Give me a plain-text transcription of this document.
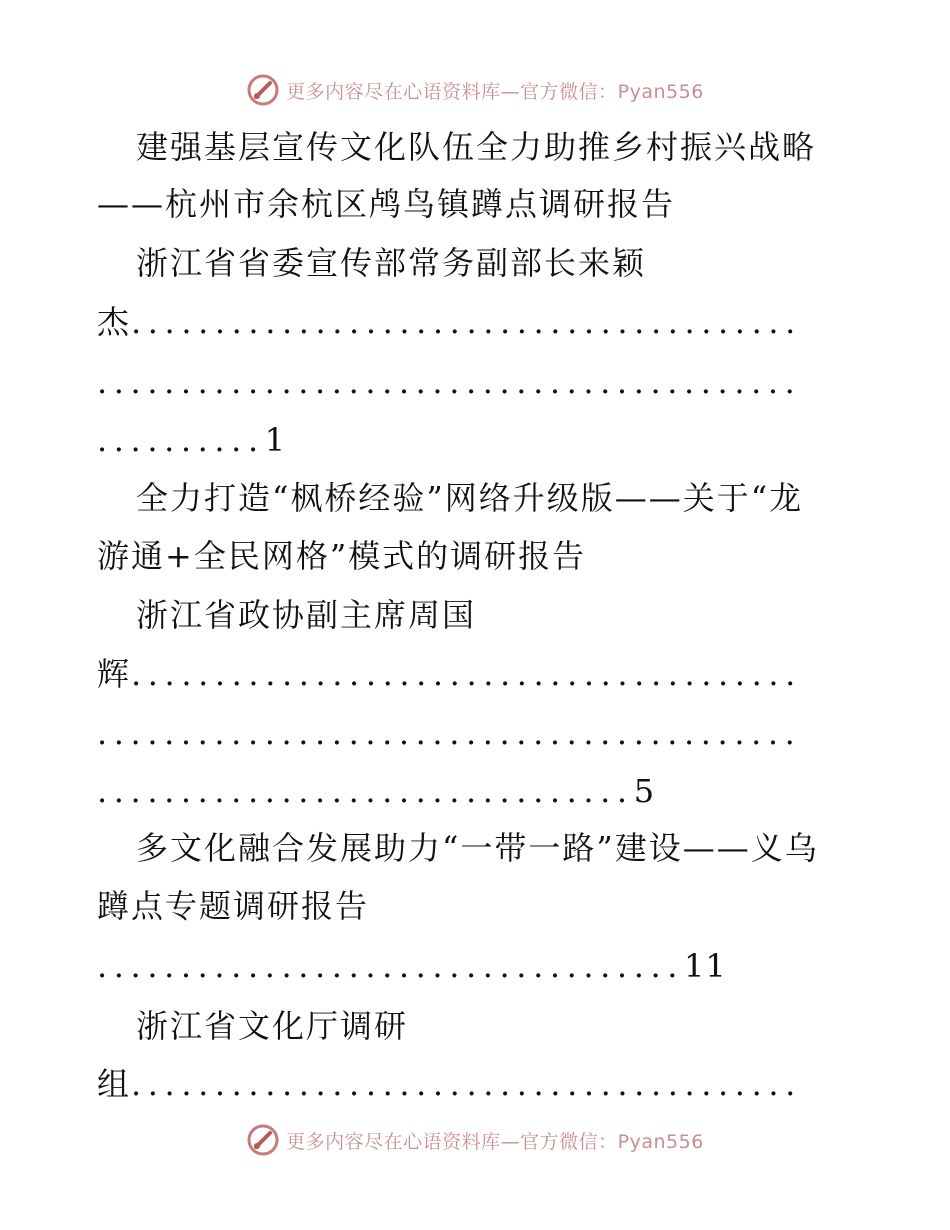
更多内容尽在心语资料库—官方微信：Pyan556
建强基层宣传文化队伍全力助推乡村振兴战略
——杭州市余杭区鸬鸟镇蹲点调研报告
浙江省省委宣传部常务副部长来颖
杰........................................
..........................................
..........1
全力打造“枫桥经验”网络升级版——关于“龙
游通+全民网格”模式的调研报告
浙江省政协副主席周国
辉........................................
..........................................
................................5
多文化融合发展助力“一带一路”建设——义乌
蹲点专题调研报告
...................................11
浙江省文化厅调研
组........................................
更多内容尽在心语资料库—官方微信：Pyan556
